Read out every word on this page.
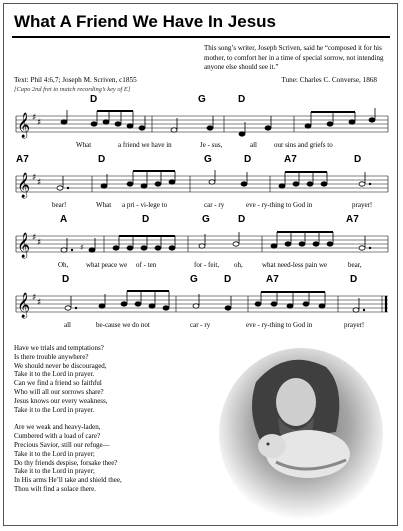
What A Friend We Have In Jesus
This song’s writer, Joseph Scriven, said he “composed it for his mother, to comfort her in a time of special sorrow, not intending anyone else should see it.”
Text: Phil 4:6,7; Joseph M. Scriven, c1855
[Capo 2nd fret to match recording’s key of E]
Tune: Charles C. Converse, 1868
𝄞 ♯ ♯
D	G	D
What	a friend we have in	Je - sus,	all our sins and griefs to
𝄞 ♯ ♯
A7	D	G	D	A7	D
bear!	What a pri - vi-lege to	car - ry	eve - ry-thing to God in	prayer!
𝄞 ♯ ♯	♯
A	D	G	D	A7
Oh,	what peace we of - ten	for - feit, oh,	what need-less pain we	bear,
𝄞 ♯ ♯
D	G	D	A7	D
all	be-cause we do not	car - ry	eve - ry-thing to God in	prayer!
Have we trials and temptations?
Is there trouble anywhere?
We should never be discouraged,
Take it to the Lord in prayer.
Can we find a friend so faithful
Who will all our sorrows share?
Jesus knows our every weakness,
Take it to the Lord in prayer.
Are we weak and heavy-laden,
Cumbered with a load of care?
Precious Savior, still our refuge—
Take it to the Lord in prayer;
Do thy friends despise, forsake thee?
Take it to the Lord in prayer;
In His arms He’ll take and shield thee,
Thou wilt find a solace there.
